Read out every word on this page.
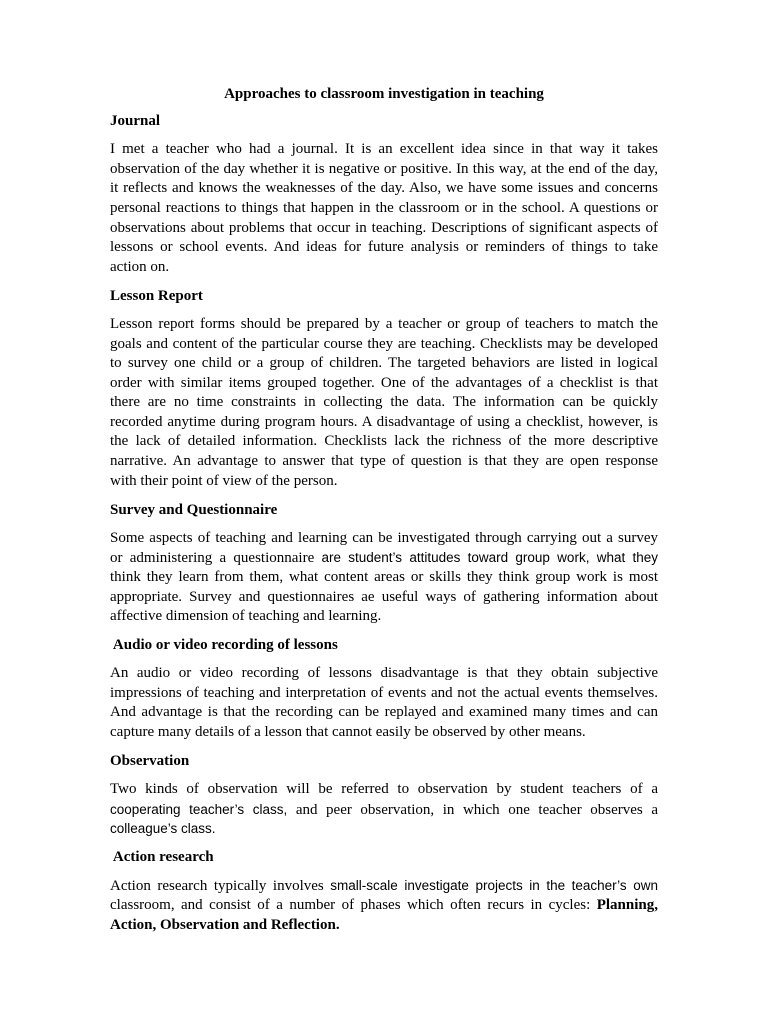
Approaches to classroom investigation in teaching
Journal
I met a teacher who had a journal. It is an excellent idea since in that way it takes
observation of the day whether it is negative or positive. In this way, at the end of the day,
it reflects and knows the weaknesses of the day. Also, we have some issues and concerns
personal reactions to things that happen in the classroom or in the school. A questions or
observations about problems that occur in teaching. Descriptions of significant aspects of
lessons or school events. And ideas for future analysis or reminders of things to take
action on.
Lesson Report
Lesson report forms should be prepared by a teacher or group of teachers to match the
goals and content of the particular course they are teaching. Checklists may be developed
to survey one child or a group of children. The targeted behaviors are listed in logical
order with similar items grouped together. One of the advantages of a checklist is that
there are no time constraints in collecting the data. The information can be quickly
recorded anytime during program hours. A disadvantage of using a checklist, however, is
the lack of detailed information. Checklists lack the richness of the more descriptive
narrative. An advantage to answer that type of question is that they are open response
with their point of view of the person.
Survey and Questionnaire
Some aspects of teaching and learning can be investigated through carrying out a survey
or administering a questionnaire are student’s attitudes toward group work, what they
think they learn from them, what content areas or skills they think group work is most
appropriate. Survey and questionnaires ae useful ways of gathering information about
affective dimension of teaching and learning.
Audio or video recording of lessons
An audio or video recording of lessons disadvantage is that they obtain subjective
impressions of teaching and interpretation of events and not the actual events themselves.
And advantage is that the recording can be replayed and examined many times and can
capture many details of a lesson that cannot easily be observed by other means.
Observation
Two kinds of observation will be referred to observation by student teachers of a
cooperating teacher’s class, and peer observation, in which one teacher observes a
colleague’s class.
Action research
Action research typically involves small-scale investigate projects in the teacher’s own
classroom, and consist of a number of phases which often recurs in cycles: Planning,
Action, Observation and Reflection.
